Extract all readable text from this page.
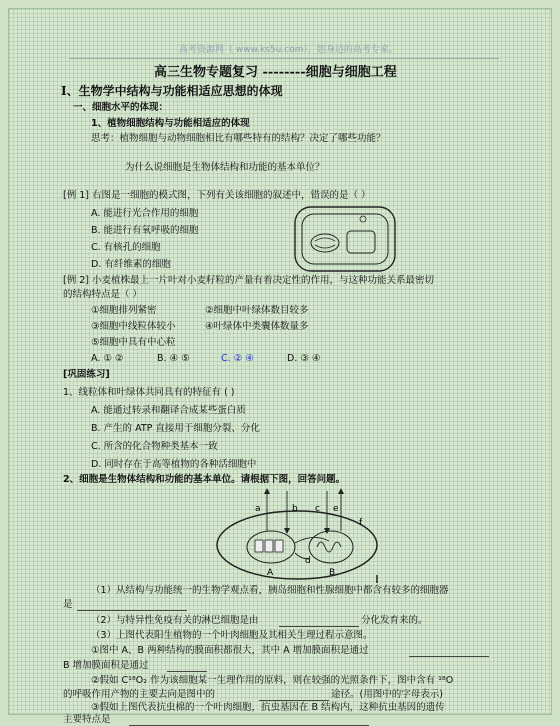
高考资源网（ www.ks5u.com），您身边的高考专家。
高三生物专题复习 --------细胞与细胞工程
Ⅰ、生物学中结构与功能相适应思想的体现
一、细胞水平的体现：
1、植物细胞结构与功能相适应的体现
思考：植物细胞与动物细胞相比有哪些特有的结构？决定了哪些功能？
为什么说细胞是生物体结构和功能的基本单位？
[例 1] 右图是一细胞的模式图，下列有关该细胞的叙述中，错误的是（ ）
A. 能进行光合作用的细胞
B. 能进行有氧呼吸的细胞
C. 有核孔的细胞
D. 有纤维素的细胞
[例 2] 小麦植株最上一片叶对小麦籽粒的产量有着决定性的作用，与这种功能关系最密切
的结构特点是（ ）
①细胞排列紧密	②细胞中叶绿体数目较多
③细胞中线粒体较小	④叶绿体中类囊体数量多
⑤细胞中具有中心粒
A. ① ②	B. ④ ⑤	C. ② ④	D. ③ ④
[巩固练习]
1、线粒体和叶绿体共同具有的特征有 ( )
A. 能通过转录和翻译合成某些蛋白质
B. 产生的 ATP 直接用于细胞分裂、分化
C. 所含的化合物种类基本一致
D. 同时存在于高等植物的各种活细胞中
2、细胞是生物体结构和功能的基本单位。请根据下图，回答问题。
a	b c
d
e
f
A	B
（1）从结构与功能统一的生物学观点看，胰岛细胞和性腺细胞中都含有较多的细胞器
是
（2）与特异性免疫有关的淋巴细胞是由	分化发育来的。
（3）上图代表阳生植物的一个叶肉细胞及其相关生理过程示意图。
①图中 A、B 两种结构的膜面积都很大，其中 A 增加膜面积是通过
B 增加膜面积是通过
②假如 C¹⁸O₂ 作为该细胞某一生理作用的原料，则在较强的光照条件下，图中含有 ¹⁸O
的呼吸作用产物的主要去向是图中的	途径。(用图中的字母表示)
③假如上图代表抗虫棉的一个叶肉细胞，抗虫基因在 B 结构内，这种抗虫基因的遗传
主要特点是
